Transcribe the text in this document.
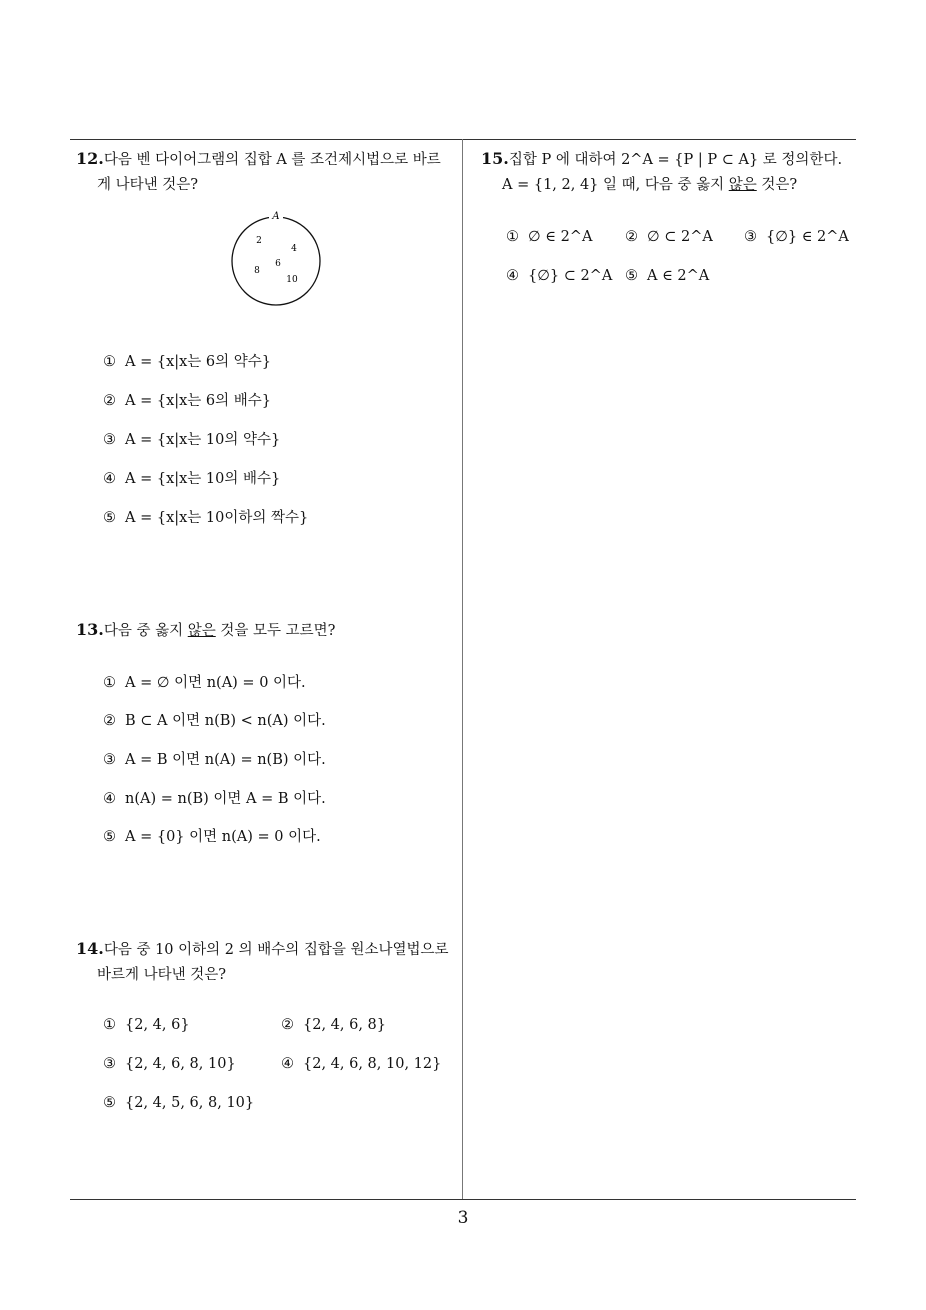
12.다음 벤 다이어그램의 집합 A 를 조건제시법으로 바르
게 나타낸 것은?
A
2
4
6
8
10
① A = {x|x는 6의 약수}
② A = {x|x는 6의 배수}
③ A = {x|x는 10의 약수}
④ A = {x|x는 10의 배수}
⑤ A = {x|x는 10이하의 짝수}
13.다음 중 옳지 않은 것을 모두 고르면?
① A = ∅ 이면 n(A) = 0 이다.
② B ⊂ A 이면 n(B) < n(A) 이다.
③ A = B 이면 n(A) = n(B) 이다.
④ n(A) = n(B) 이면 A = B 이다.
⑤ A = {0} 이면 n(A) = 0 이다.
14.다음 중 10 이하의 2 의 배수의 집합을 원소나열법으로
바르게 나타낸 것은?
① {2, 4, 6}	② {2, 4, 6, 8}
③ {2, 4, 6, 8, 10}	④ {2, 4, 6, 8, 10, 12}
⑤ {2, 4, 5, 6, 8, 10}
15.집합 P 에 대하여 2^A = {P | P ⊂ A} 로 정의한다.
A = {1, 2, 4} 일 때, 다음 중 옳지 않은 것은?
① ∅ ∈ 2^A ② ∅ ⊂ 2^A ③ {∅} ∈ 2^A
④ {∅} ⊂ 2^A ⑤ A ∈ 2^A
3
